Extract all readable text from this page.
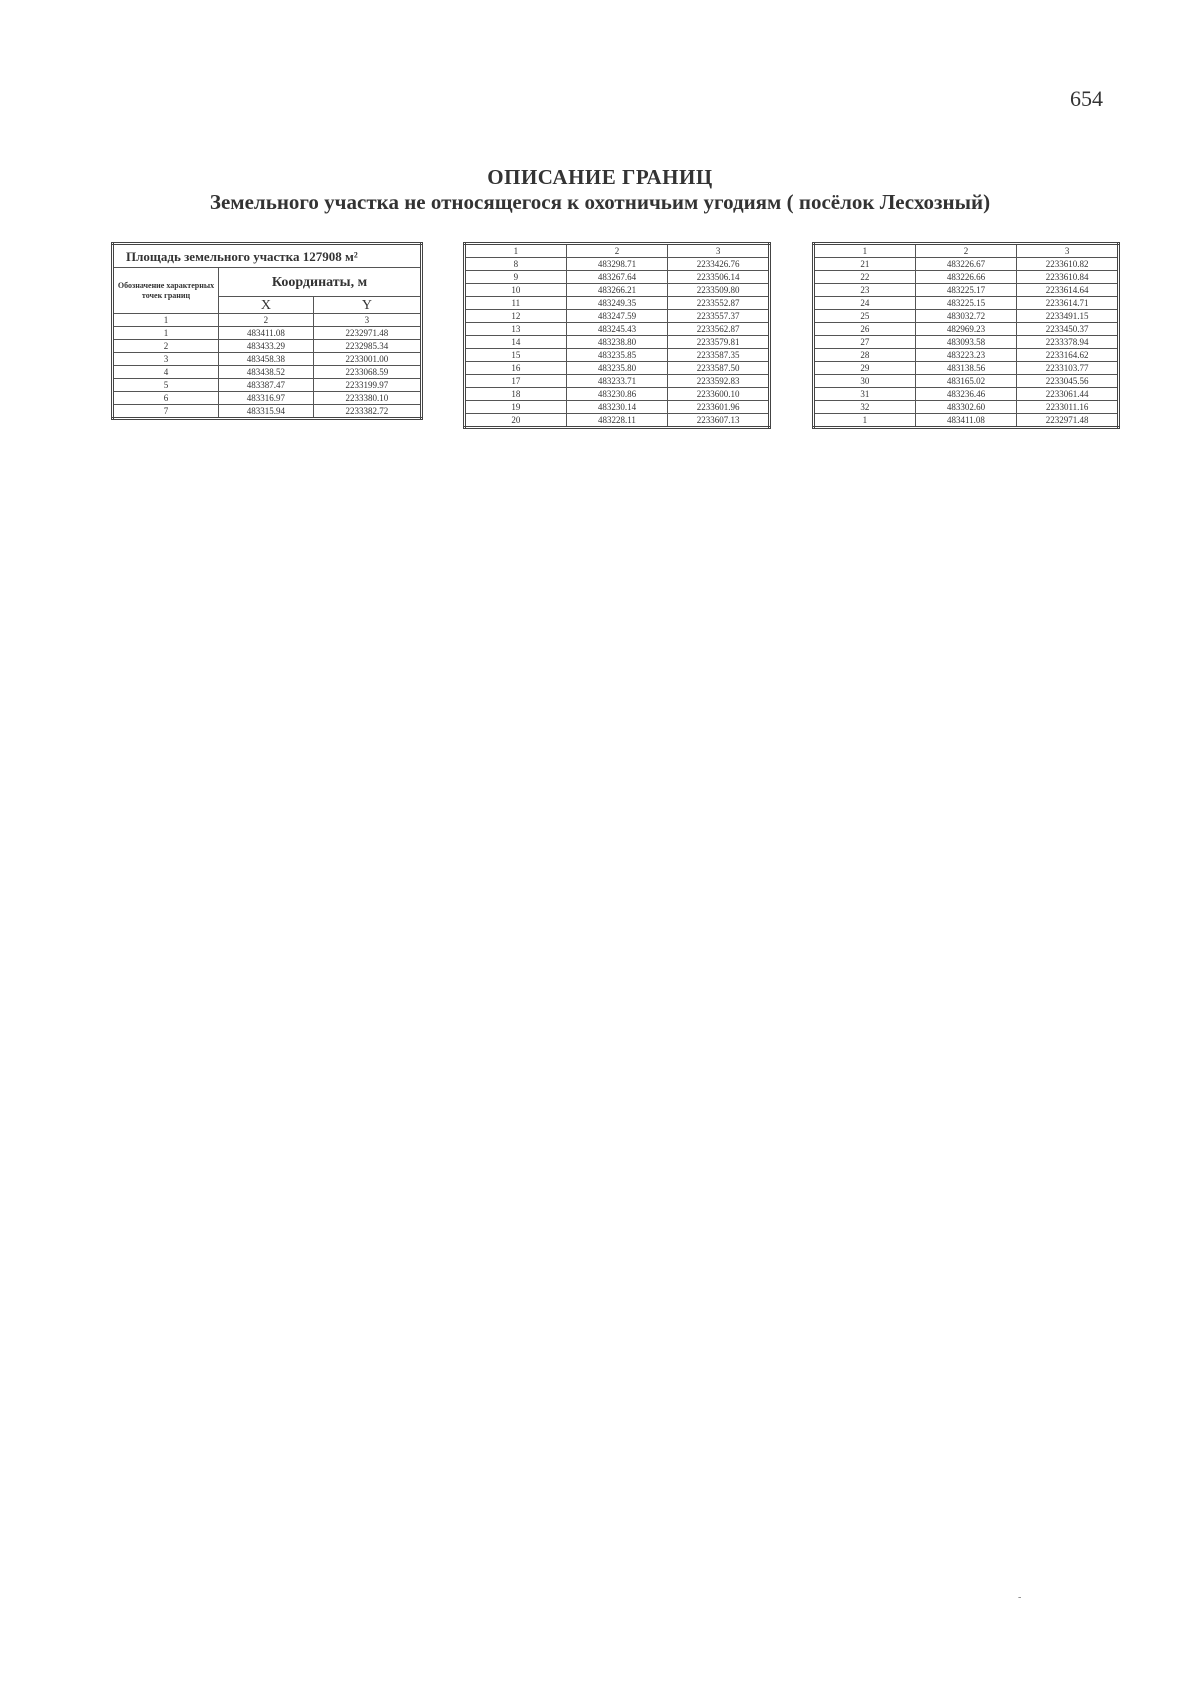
654
ОПИСАНИЕ ГРАНИЦ
Земельного участка не относящегося к охотничьим угодиям ( посёлок Лесхозный)
Площадь земельного участка 127908 м²		
Обозначение характерных точек границ	Координаты, м	
	X	Y
1	2	3
1	483411.08	2232971.48
2	483433.29	2232985.34
3	483458.38	2233001.00
4	483438.52	2233068.59
5	483387.47	2233199.97
6	483316.97	2233380.10
7	483315.94	2233382.72
1	2	3
8	483298.71	2233426.76
9	483267.64	2233506.14
10	483266.21	2233509.80
11	483249.35	2233552.87
12	483247.59	2233557.37
13	483245.43	2233562.87
14	483238.80	2233579.81
15	483235.85	2233587.35
16	483235.80	2233587.50
17	483233.71	2233592.83
18	483230.86	2233600.10
19	483230.14	2233601.96
20	483228.11	2233607.13
1	2	3
21	483226.67	2233610.82
22	483226.66	2233610.84
23	483225.17	2233614.64
24	483225.15	2233614.71
25	483032.72	2233491.15
26	482969.23	2233450.37
27	483093.58	2233378.94
28	483223.23	2233164.62
29	483138.56	2233103.77
30	483165.02	2233045.56
31	483236.46	2233061.44
32	483302.60	2233011.16
1	483411.08	2232971.48
-
